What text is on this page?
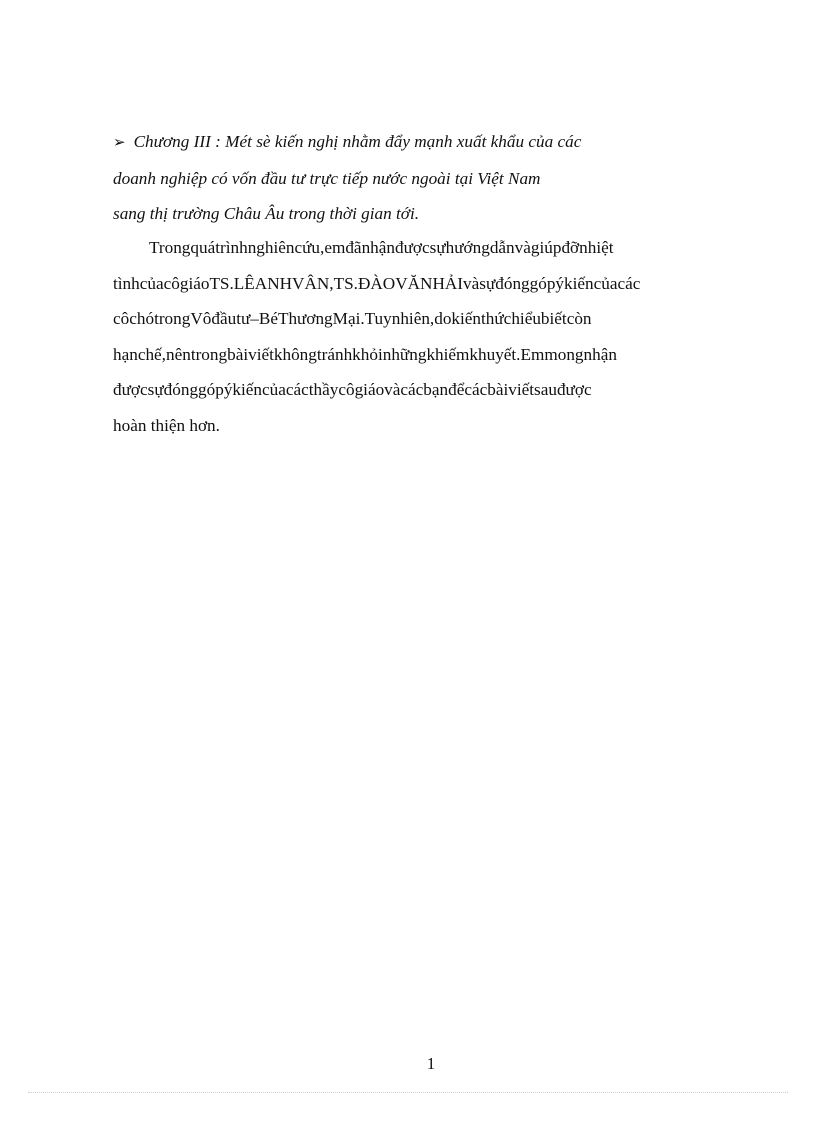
➢ Chương III : Mét sè kiến nghị nhằm đẩy mạnh xuất khẩu của các
doanh nghiệp có vốn đầu tư trực tiếp nước ngoài tại Việt Nam
sang thị trường Châu Âu trong thời gian tới.
Trongquátrìnhnghiêncứu,emđãnhậnđượcsựhướngdẫnvàgiúpđỡnhiệt
tìnhcủacôgiáoTS.LÊANHVÂN,TS.ĐÀOVĂNHẢIvàsựđónggópýkiếncủacác
côchótrongVôđầutư–BéThươngMại.Tuynhiên,dokiếnthứchiểubiếtcòn
hạnchế,nêntrongbàiviếtkhôngtránhkhỏinhữngkhiếmkhuyết.Emmongnhận
đượcsựđónggópýkiếncủacácthầycôgiáovàcácbạnđểcácbàiviếtsauđược
hoàn thiện hơn.
1
